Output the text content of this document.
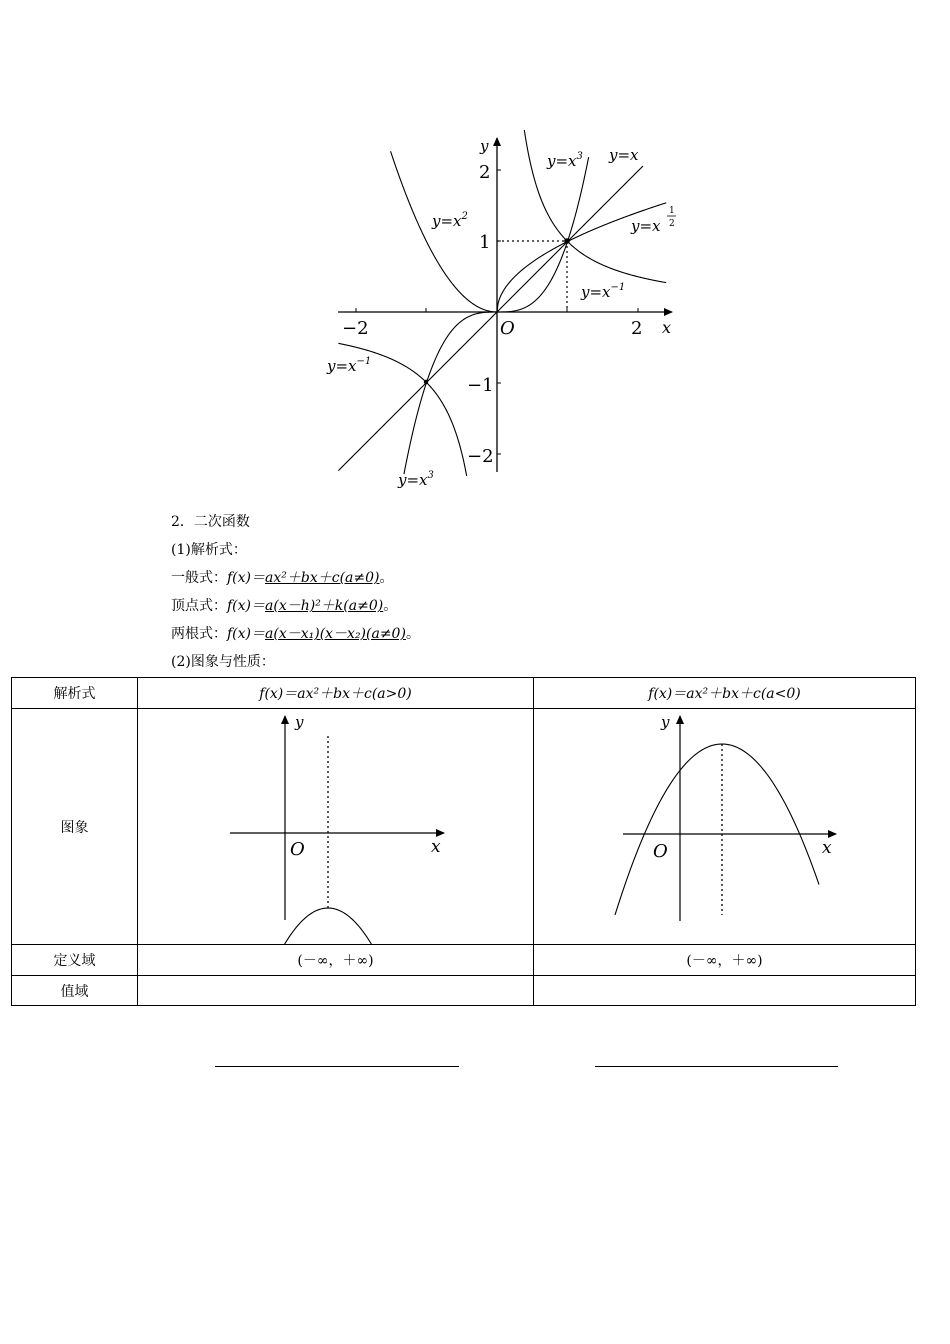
y
x
O
−2	2
2
1
−1
−2
$y=x^3$ y=x
$y=x^2$
y=x
1
2
$y=x^{-1}$
$y=x^{-1}$
$y=x^3$
2．二次函数
(1)解析式：
一般式：f(x)＝ax²＋bx＋c(a≠0)。
顶点式：f(x)＝a(x－h)²＋k(a≠0)。
两根式：f(x)＝a(x－x₁)(x－x₂)(a≠0)。
(2)图象与性质：
解析式	f(x)＝ax²＋bx＋c(a>0)	f(x)＝ax²＋bx＋c(a<0)
图象	y
x
O	y
x
O

定义域	(－∞，＋∞)	(－∞，＋∞)
值域		
